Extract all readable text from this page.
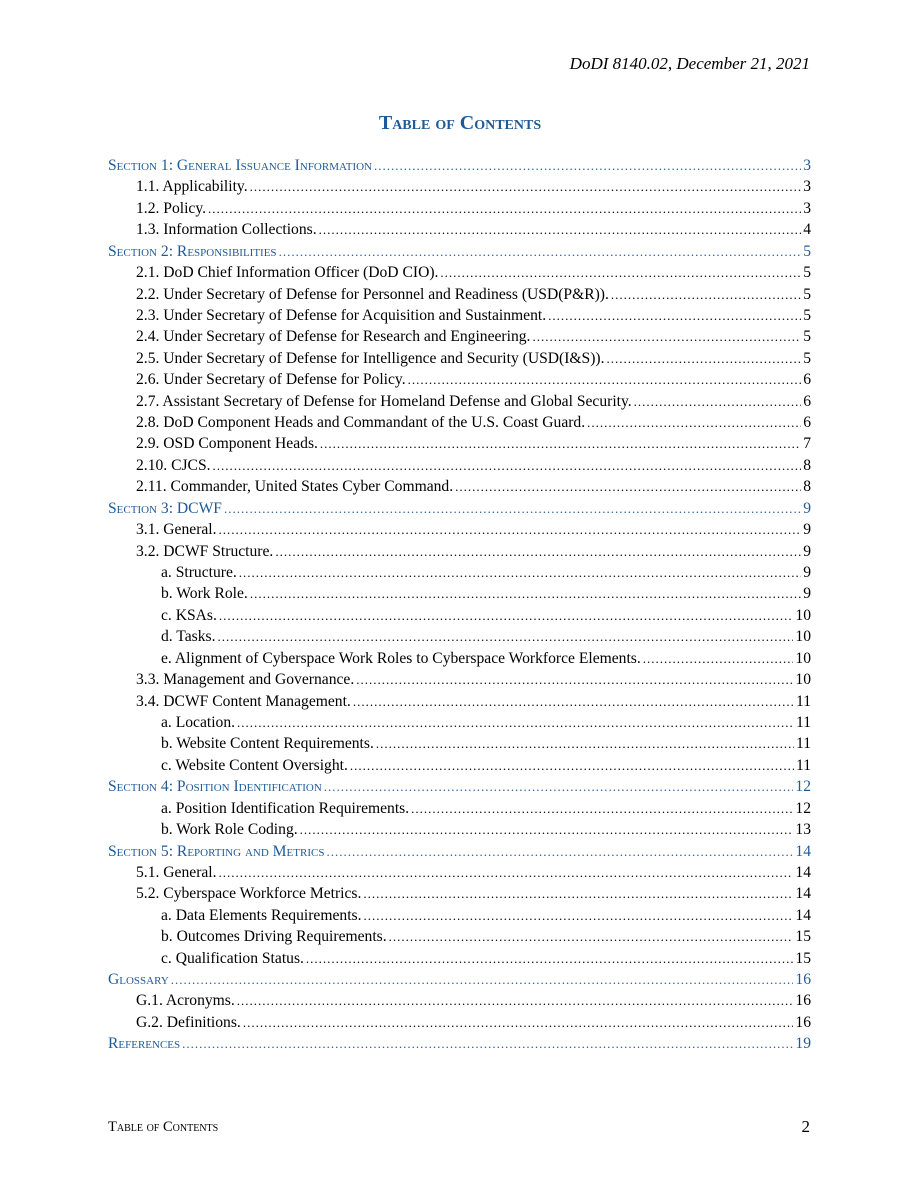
DoDI 8140.02, December 21, 2021
Table of Contents
Section 1: General Issuance Information .....	3
1.1. Applicability. .....	3
1.2. Policy. .....	3
1.3. Information Collections. .....	4
Section 2: Responsibilities .....	5
2.1. DoD Chief Information Officer (DoD CIO). .....	5
2.2. Under Secretary of Defense for Personnel and Readiness (USD(P&R)). .....	5
2.3. Under Secretary of Defense for Acquisition and Sustainment. .....	5
2.4. Under Secretary of Defense for Research and Engineering. .....	5
2.5. Under Secretary of Defense for Intelligence and Security (USD(I&S)). .....	5
2.6. Under Secretary of Defense for Policy. .....	6
2.7. Assistant Secretary of Defense for Homeland Defense and Global Security. .....	6
2.8. DoD Component Heads and Commandant of the U.S. Coast Guard. .....	6
2.9. OSD Component Heads. .....	7
2.10. CJCS. .....	8
2.11. Commander, United States Cyber Command. .....	8
Section 3: DCWF .....	9
3.1. General. .....	9
3.2. DCWF Structure. .....	9
a. Structure. .....	9
b. Work Role. .....	9
c. KSAs. .....	10
d. Tasks. .....	10
e. Alignment of Cyberspace Work Roles to Cyberspace Workforce Elements. .....	10
3.3. Management and Governance. .....	10
3.4. DCWF Content Management. .....	11
a. Location. .....	11
b. Website Content Requirements. .....	11
c. Website Content Oversight. .....	11
Section 4: Position Identification .....	12
a. Position Identification Requirements. .....	12
b. Work Role Coding. .....	13
Section 5: Reporting and Metrics .....	14
5.1. General. .....	14
5.2. Cyberspace Workforce Metrics. .....	14
a. Data Elements Requirements. .....	14
b. Outcomes Driving Requirements. .....	15
c. Qualification Status. .....	15
Glossary .....	16
G.1. Acronyms. .....	16
G.2. Definitions. .....	16
References .....	19
Table of Contents	2
